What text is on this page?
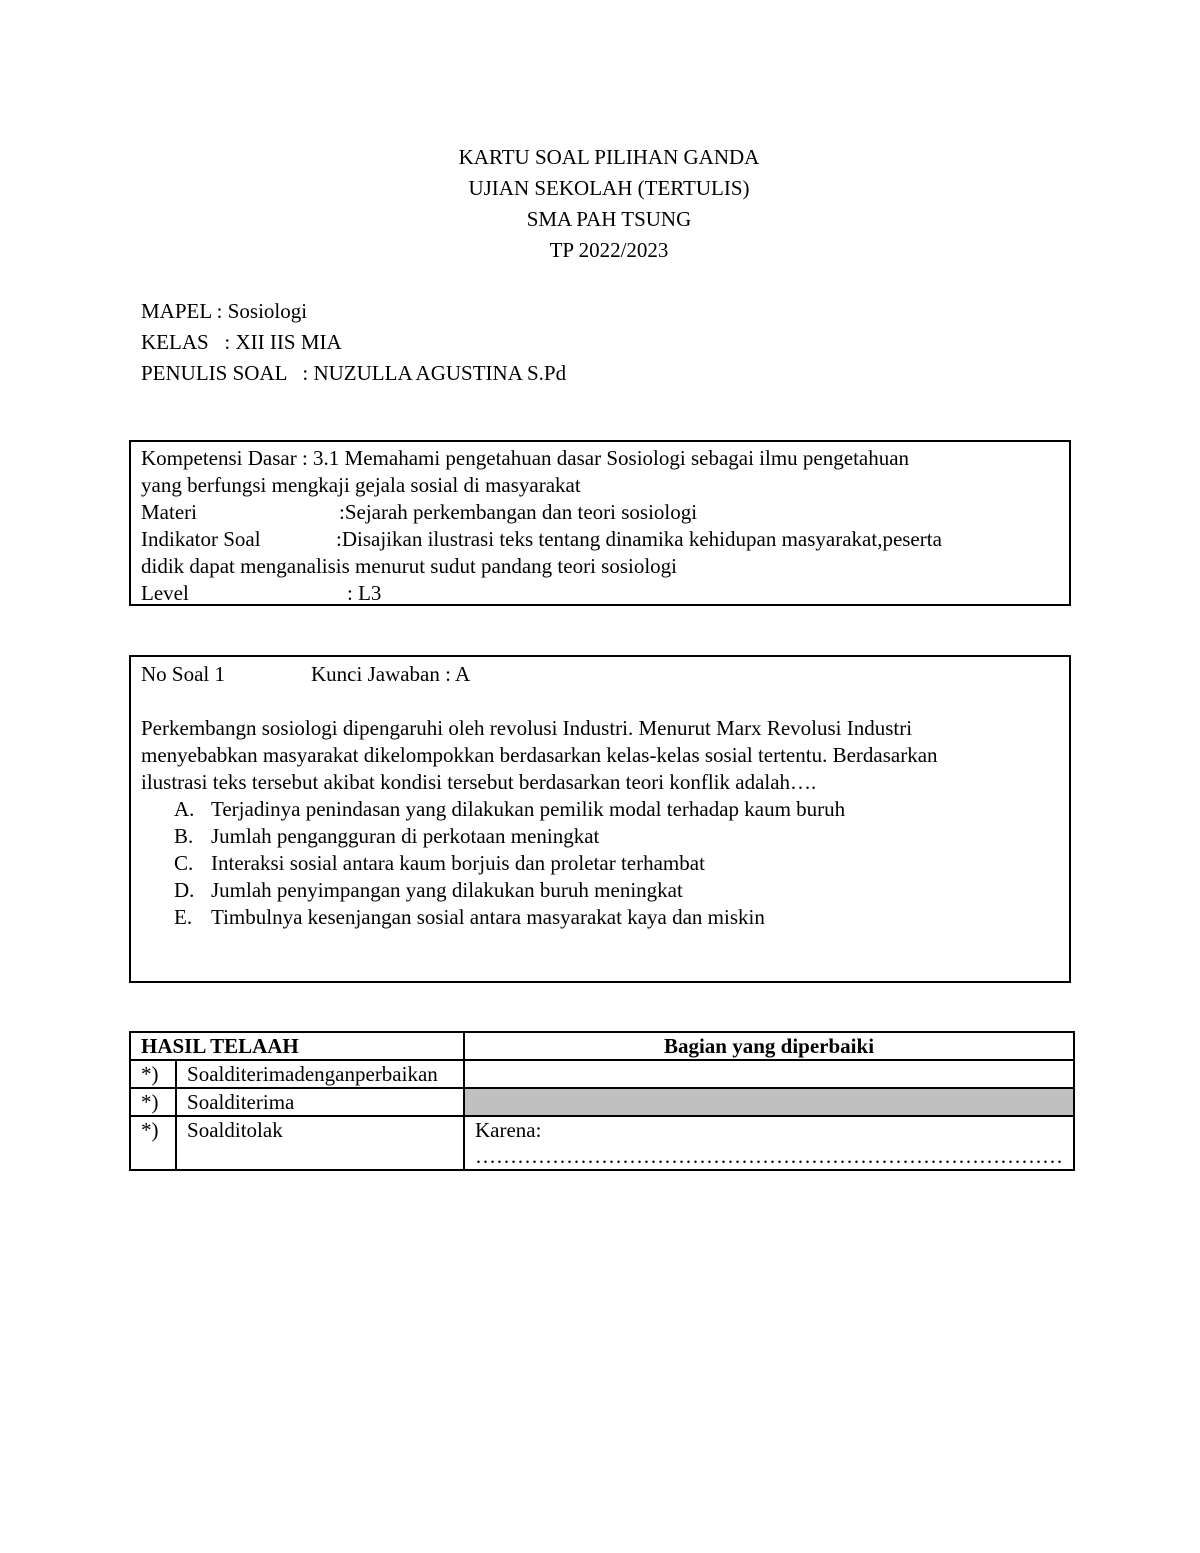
KARTU SOAL PILIHAN GANDA
UJIAN SEKOLAH (TERTULIS)
SMA PAH TSUNG
TP 2022/2023
MAPEL : Sosiologi
KELAS   : XII IIS MIA
PENULIS SOAL   : NUZULLA AGUSTINA S.Pd
Kompetensi Dasar : 3.1 Memahami pengetahuan dasar Sosiologi sebagai ilmu pengetahuan
yang berfungsi mengkaji gejala sosial di masyarakat
Materi	:Sejarah perkembangan dan teori sosiologi
Indikator Soal	:Disajikan ilustrasi teks tentang dinamika kehidupan masyarakat,peserta
didik dapat menganalisis menurut sudut pandang teori sosiologi
Level	: L3
No Soal 1	Kunci Jawaban : A
Perkembangn sosiologi dipengaruhi oleh revolusi Industri. Menurut Marx Revolusi Industri
menyebabkan masyarakat dikelompokkan berdasarkan kelas-kelas sosial tertentu. Berdasarkan
ilustrasi teks tersebut akibat kondisi tersebut berdasarkan teori konflik adalah….
A. Terjadinya penindasan yang dilakukan pemilik modal terhadap kaum buruh
B. Jumlah pengangguran di perkotaan meningkat
C. Interaksi sosial antara kaum borjuis dan proletar terhambat
D. Jumlah penyimpangan yang dilakukan buruh meningkat
E. Timbulnya kesenjangan sosial antara masyarakat kaya dan miskin
HASIL TELAAH		Bagian yang diperbaiki
*)	Soalditerimadenganperbaikan	
*)	Soalditerima	
*)	Soalditolak	Karena: …………………………………………………………………………
